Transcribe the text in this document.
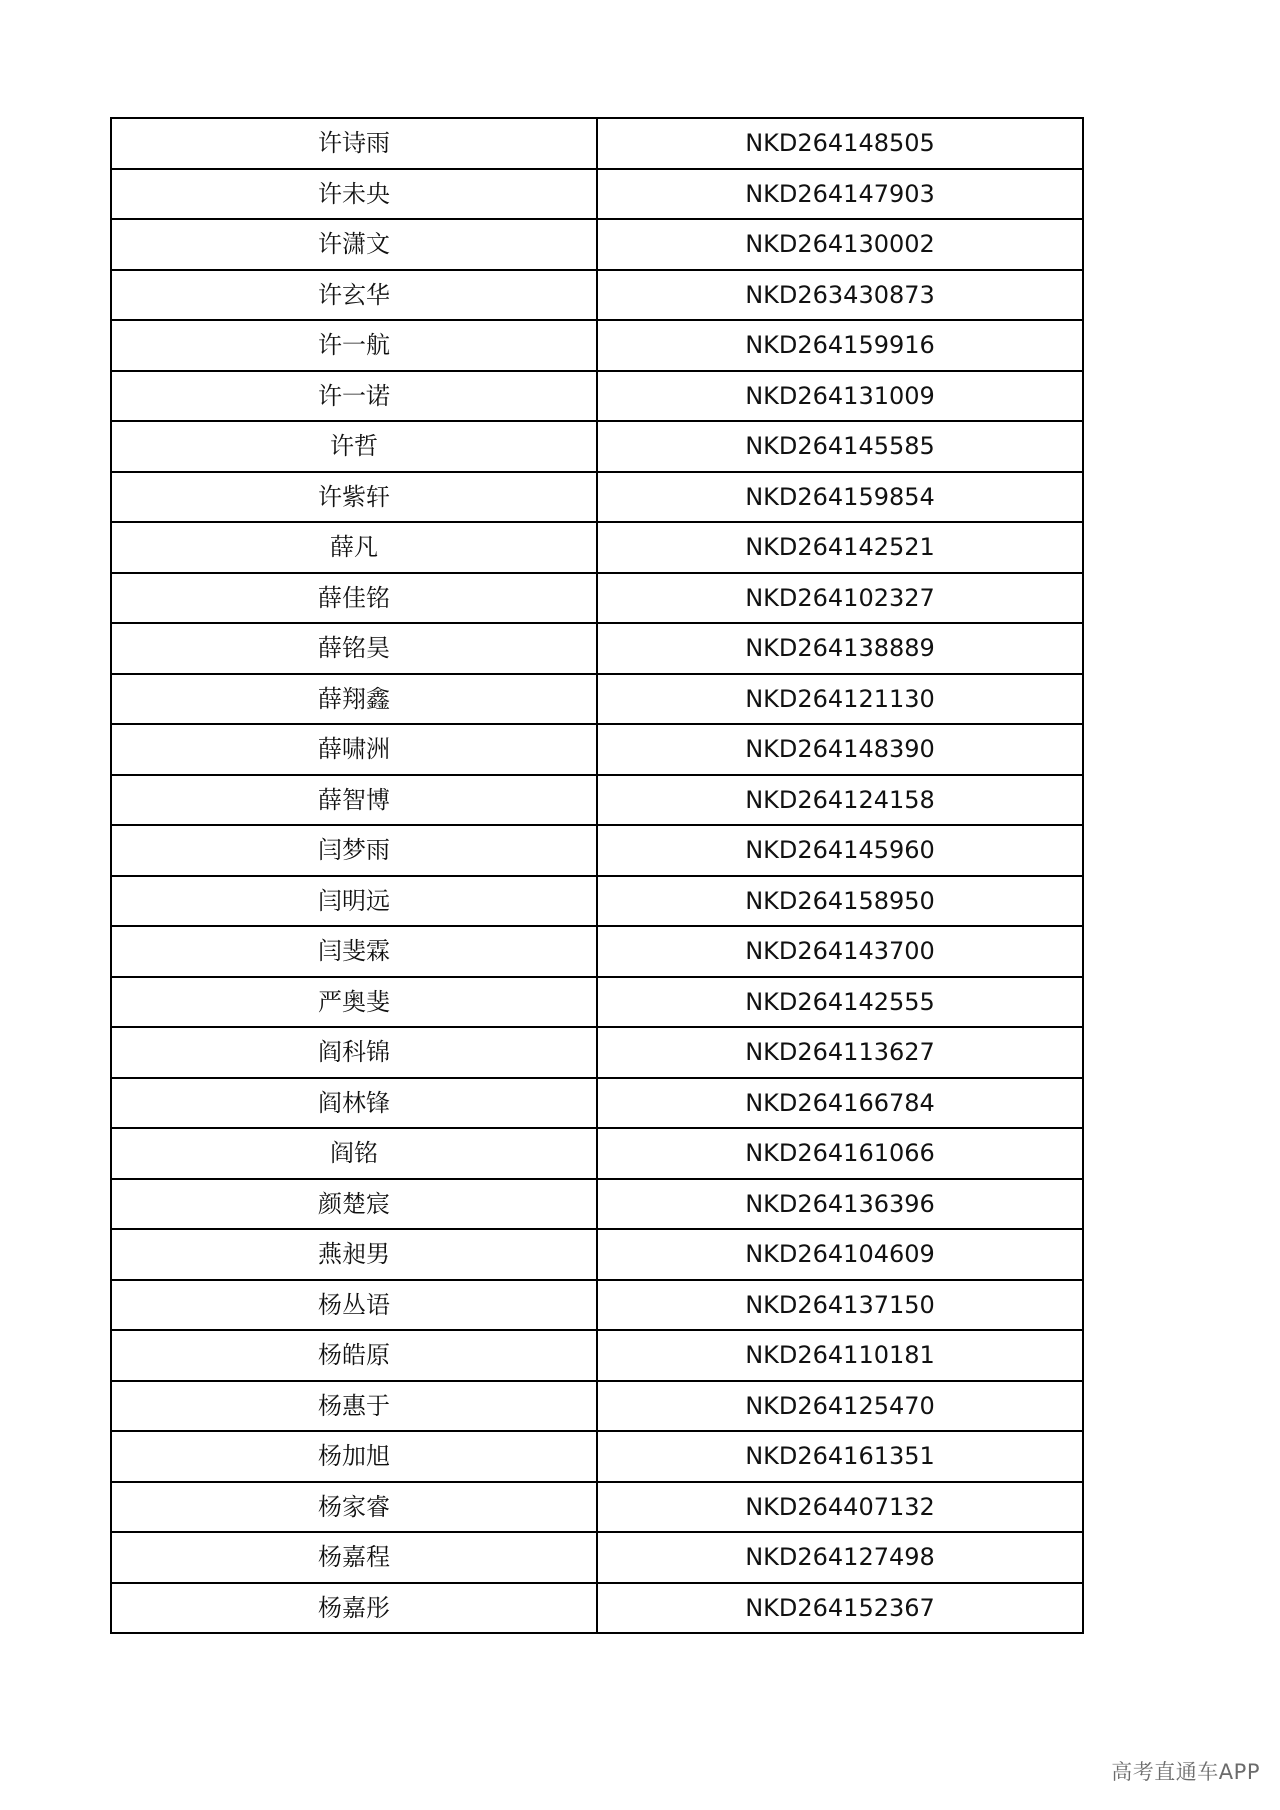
许诗雨	NKD264148505
许未央	NKD264147903
许潇文	NKD264130002
许玄华	NKD263430873
许一航	NKD264159916
许一诺	NKD264131009
许哲	NKD264145585
许紫轩	NKD264159854
薛凡	NKD264142521
薛佳铭	NKD264102327
薛铭昊	NKD264138889
薛翔鑫	NKD264121130
薛啸洲	NKD264148390
薛智博	NKD264124158
闫梦雨	NKD264145960
闫明远	NKD264158950
闫斐霖	NKD264143700
严奥斐	NKD264142555
阎科锦	NKD264113627
阎林锋	NKD264166784
阎铭	NKD264161066
颜楚宸	NKD264136396
燕昶男	NKD264104609
杨丛语	NKD264137150
杨皓原	NKD264110181
杨惠于	NKD264125470
杨加旭	NKD264161351
杨家睿	NKD264407132
杨嘉程	NKD264127498
杨嘉彤	NKD264152367
高考直通车APP
